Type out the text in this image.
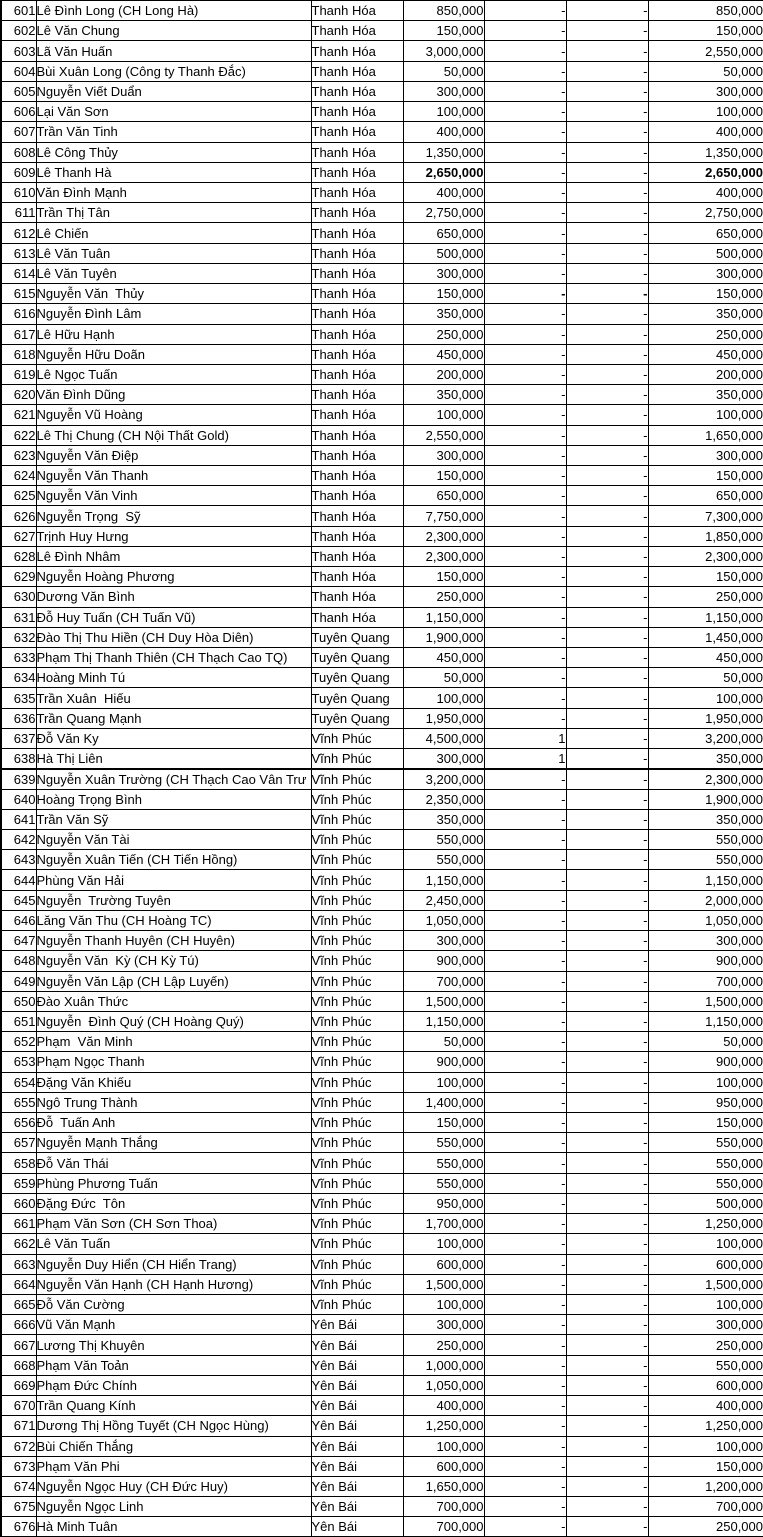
601	Lê Đình Long (CH Long Hà)	Thanh Hóa	850,000	-	-	850,000
602	Lê Văn Chung	Thanh Hóa	150,000	-	-	150,000
603	Lã Văn Huấn	Thanh Hóa	3,000,000	-	-	2,550,000
604	Bùi Xuân Long (Công ty Thanh Đắc)	Thanh Hóa	50,000	-	-	50,000
605	Nguyễn Viết Duẩn	Thanh Hóa	300,000	-	-	300,000
606	Lại Văn Sơn	Thanh Hóa	100,000	-	-	100,000
607	Trần Văn Tinh	Thanh Hóa	400,000	-	-	400,000
608	Lê Công Thủy	Thanh Hóa	1,350,000	-	-	1,350,000
609	Lê Thanh Hà	Thanh Hóa	2,650,000	-	-	2,650,000
610	Văn Đình Mạnh	Thanh Hóa	400,000	-	-	400,000
611	Trần Thị Tân	Thanh Hóa	2,750,000	-	-	2,750,000
612	Lê Chiến	Thanh Hóa	650,000	-	-	650,000
613	Lê Văn Tuân	Thanh Hóa	500,000	-	-	500,000
614	Lê Văn Tuyên	Thanh Hóa	300,000	-	-	300,000
615	Nguyễn Văn  Thủy	Thanh Hóa	150,000	-	-	150,000
616	Nguyễn Đình Lâm	Thanh Hóa	350,000	-	-	350,000
617	Lê Hữu Hạnh	Thanh Hóa	250,000	-	-	250,000
618	Nguyễn Hữu Doãn	Thanh Hóa	450,000	-	-	450,000
619	Lê Ngọc Tuấn	Thanh Hóa	200,000	-	-	200,000
620	Văn Đình Dũng	Thanh Hóa	350,000	-	-	350,000
621	Nguyễn Vũ Hoàng	Thanh Hóa	100,000	-	-	100,000
622	Lê Thị Chung (CH Nội Thất Gold)	Thanh Hóa	2,550,000	-	-	1,650,000
623	Nguyễn Văn Điệp	Thanh Hóa	300,000	-	-	300,000
624	Nguyễn Văn Thanh	Thanh Hóa	150,000	-	-	150,000
625	Nguyễn Văn Vinh	Thanh Hóa	650,000	-	-	650,000
626	Nguyễn Trọng  Sỹ	Thanh Hóa	7,750,000	-	-	7,300,000
627	Trịnh Huy Hưng	Thanh Hóa	2,300,000	-	-	1,850,000
628	Lê Đình Nhâm	Thanh Hóa	2,300,000	-	-	2,300,000
629	Nguyễn Hoàng Phương	Thanh Hóa	150,000	-	-	150,000
630	Dương Văn Bình	Thanh Hóa	250,000	-	-	250,000
631	Đỗ Huy Tuấn (CH Tuấn Vũ)	Thanh Hóa	1,150,000	-	-	1,150,000
632	Đào Thị Thu Hiền (CH Duy Hòa Diên)	Tuyên Quang	1,900,000	-	-	1,450,000
633	Phạm Thị Thanh Thiên (CH Thạch Cao TQ)	Tuyên Quang	450,000	-	-	450,000
634	Hoàng Minh Tú	Tuyên Quang	50,000	-	-	50,000
635	Trần Xuân  Hiếu	Tuyên Quang	100,000	-	-	100,000
636	Trần Quang Mạnh	Tuyên Quang	1,950,000	-	-	1,950,000
637	Đỗ Văn Ky	Vĩnh Phúc	4,500,000	1	-	3,200,000
638	Hà Thị Liên	Vĩnh Phúc	300,000	1	-	350,000
639	Nguyễn Xuân Trường (CH Thạch Cao Vân Trư	Vĩnh Phúc	3,200,000	-	-	2,300,000
640	Hoàng Trọng Bình	Vĩnh Phúc	2,350,000	-	-	1,900,000
641	Trần Văn Sỹ	Vĩnh Phúc	350,000	-	-	350,000
642	Nguyễn Văn Tài	Vĩnh Phúc	550,000	-	-	550,000
643	Nguyễn Xuân Tiến (CH Tiến Hồng)	Vĩnh Phúc	550,000	-	-	550,000
644	Phùng Văn Hải	Vĩnh Phúc	1,150,000	-	-	1,150,000
645	Nguyễn  Trường Tuyên	Vĩnh Phúc	2,450,000	-	-	2,000,000
646	Lăng Văn Thu (CH Hoàng TC)	Vĩnh Phúc	1,050,000	-	-	1,050,000
647	Nguyễn Thanh Huyên (CH Huyên)	Vĩnh Phúc	300,000	-	-	300,000
648	Nguyễn Văn  Kỳ (CH Kỳ Tú)	Vĩnh Phúc	900,000	-	-	900,000
649	Nguyễn Văn Lập (CH Lập Luyến)	Vĩnh Phúc	700,000	-	-	700,000
650	Đào Xuân Thức	Vĩnh Phúc	1,500,000	-	-	1,500,000
651	Nguyễn  Đình Quý (CH Hoàng Quý)	Vĩnh Phúc	1,150,000	-	-	1,150,000
652	Phạm  Văn Minh	Vĩnh Phúc	50,000	-	-	50,000
653	Phạm Ngọc Thanh	Vĩnh Phúc	900,000	-	-	900,000
654	Đặng Văn Khiếu	Vĩnh Phúc	100,000	-	-	100,000
655	Ngô Trung Thành	Vĩnh Phúc	1,400,000	-	-	950,000
656	Đỗ  Tuấn Anh	Vĩnh Phúc	150,000	-	-	150,000
657	Nguyễn Mạnh Thắng	Vĩnh Phúc	550,000	-	-	550,000
658	Đỗ Văn Thái	Vĩnh Phúc	550,000	-	-	550,000
659	Phùng Phương Tuấn	Vĩnh Phúc	550,000	-	-	550,000
660	Đặng Đức  Tôn	Vĩnh Phúc	950,000	-	-	500,000
661	Phạm Văn Sơn (CH Sơn Thoa)	Vĩnh Phúc	1,700,000	-	-	1,250,000
662	Lê Văn Tuấn	Vĩnh Phúc	100,000	-	-	100,000
663	Nguyễn Duy Hiển (CH Hiển Trang)	Vĩnh Phúc	600,000	-	-	600,000
664	Nguyễn Văn Hạnh (CH Hạnh Hương)	Vĩnh Phúc	1,500,000	-	-	1,500,000
665	Đỗ Văn Cường	Vĩnh Phúc	100,000	-	-	100,000
666	Vũ Văn Mạnh	Yên Bái	300,000	-	-	300,000
667	Lương Thị Khuyên	Yên Bái	250,000	-	-	250,000
668	Phạm Văn Toản	Yên Bái	1,000,000	-	-	550,000
669	Phạm Đức Chính	Yên Bái	1,050,000	-	-	600,000
670	Trần Quang Kính	Yên Bái	400,000	-	-	400,000
671	Dương Thị Hồng Tuyết (CH Ngọc Hùng)	Yên Bái	1,250,000	-	-	1,250,000
672	Bùi Chiến Thắng	Yên Bái	100,000	-	-	100,000
673	Phạm Văn Phi	Yên Bái	600,000	-	-	150,000
674	Nguyễn Ngọc Huy (CH Đức Huy)	Yên Bái	1,650,000	-	-	1,200,000
675	Nguyễn Ngọc Linh	Yên Bái	700,000	-	-	700,000
676	Hà Minh Tuân	Yên Bái	700,000	-	-	250,000
